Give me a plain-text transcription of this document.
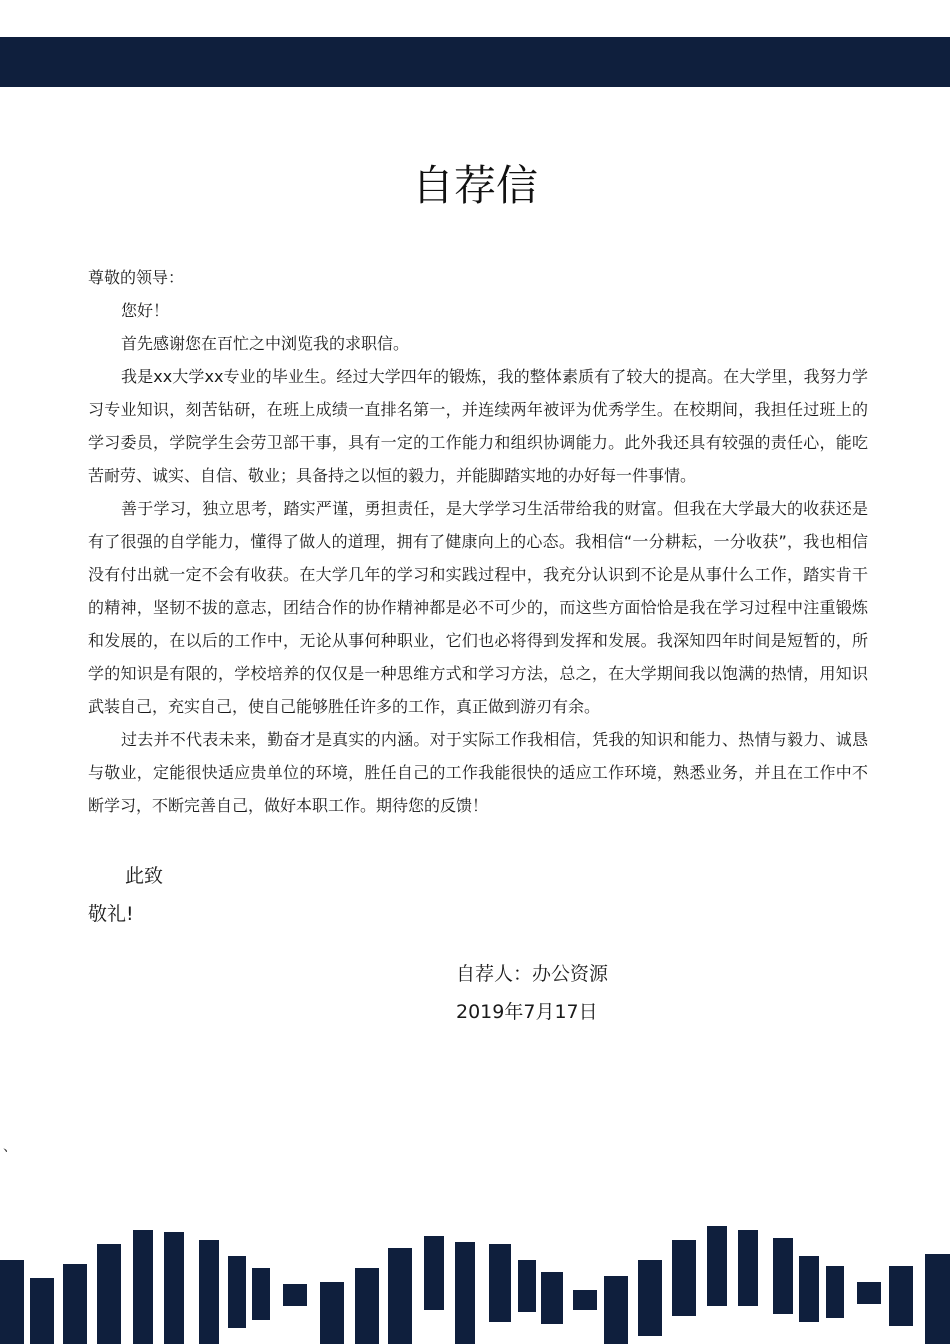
自荐信

尊敬的领导：

您好！

首先感谢您在百忙之中浏览我的求职信。

我是xx大学xx专业的毕业生。经过大学四年的锻炼，我的整体素质有了较大的提高。在大学里，我努力学习专业知识，刻苦钻研，在班上成绩一直排名第一，并连续两年被评为优秀学生。在校期间，我担任过班上的学习委员，学院学生会劳卫部干事，具有一定的工作能力和组织协调能力。此外我还具有较强的责任心，能吃苦耐劳、诚实、自信、敬业；具备持之以恒的毅力，并能脚踏实地的办好每一件事情。

善于学习，独立思考，踏实严谨，勇担责任，是大学学习生活带给我的财富。但我在大学最大的收获还是有了很强的自学能力，懂得了做人的道理，拥有了健康向上的心态。我相信“一分耕耘，一分收获”，我也相信没有付出就一定不会有收获。在大学几年的学习和实践过程中，我充分认识到不论是从事什么工作，踏实肯干的精神，坚韧不拔的意志，团结合作的协作精神都是必不可少的，而这些方面恰恰是我在学习过程中注重锻炼和发展的，在以后的工作中，无论从事何种职业，它们也必将得到发挥和发展。我深知四年时间是短暂的，所学的知识是有限的，学校培养的仅仅是一种思维方式和学习方法，总之，在大学期间我以饱满的热情，用知识武装自己，充实自己，使自己能够胜任许多的工作，真正做到游刃有余。

过去并不代表未来，勤奋才是真实的内涵。对于实际工作我相信，凭我的知识和能力、热情与毅力、诚恳与敬业，定能很快适应贵单位的环境，胜任自己的工作我能很快的适应工作环境，熟悉业务，并且在工作中不断学习，不断完善自己，做好本职工作。期待您的反馈！

此致

敬礼!

自荐人：办公资源

2019年7月17日

、
